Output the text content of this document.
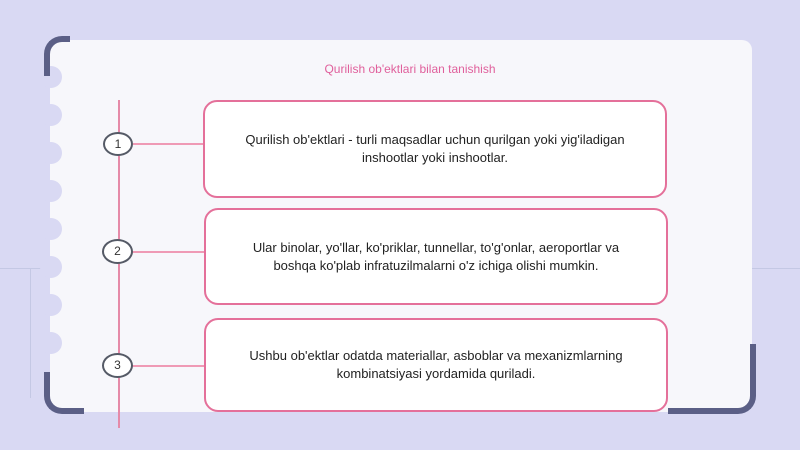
Qurilish ob'ektlari bilan tanishish
1	Qurilish ob'ektlari - turli maqsadlar uchun qurilgan yoki yig'iladigan inshootlar yoki inshootlar.
2	Ular binolar, yo'llar, ko'priklar, tunnellar, to'g'onlar, aeroportlar va boshqa ko'plab infratuzilmalarni o'z ichiga olishi mumkin.
3
Ushbu ob'ektlar odatda materiallar, asboblar va mexanizmlarning kombinatsiyasi yordamida quriladi.
